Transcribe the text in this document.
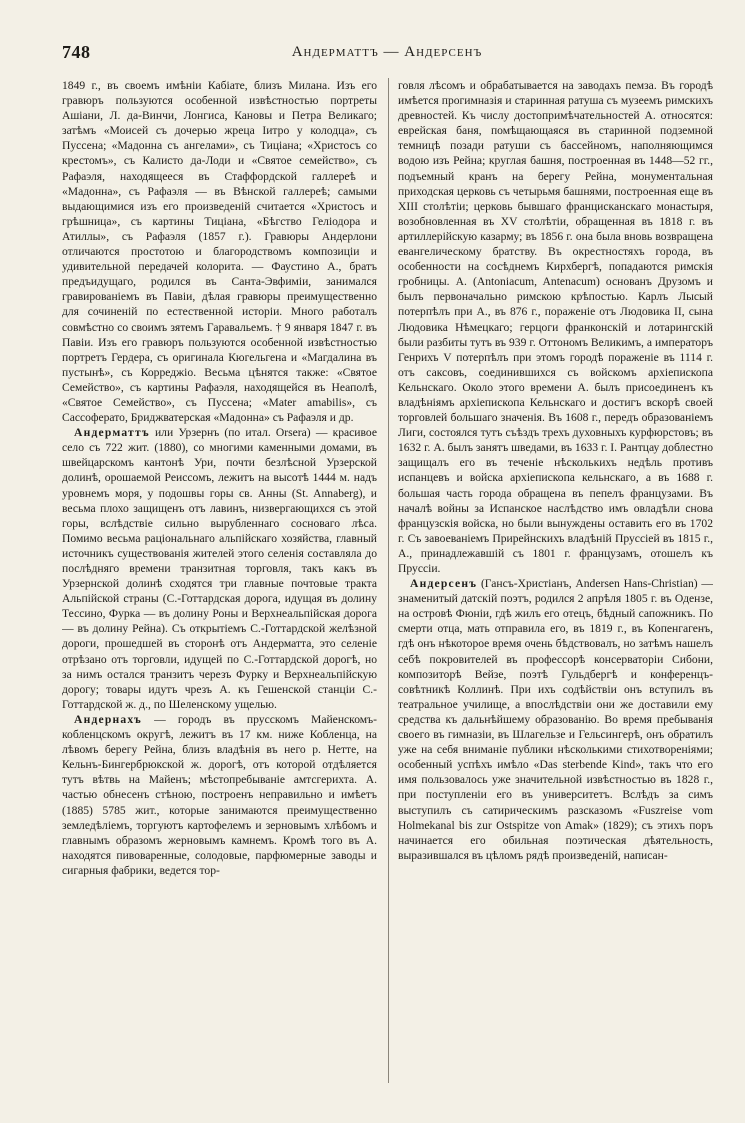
748	Андерматтъ — Андерсенъ

1849 г., въ своемъ имѣніи Кабіате, близъ Милана. Изъ его гравюръ пользуются особенной извѣстностью портреты Ашіани, Л. да-Винчи, Лонгиса, Кановы и Петра Великаго; затѣмъ «Моисей съ дочерью жреца Іитро у колодца», съ Пуссена; «Мадонна съ ангелами», съ Тиціана; «Христосъ со крестомъ», съ Калисто да-Лоди и «Святое семейство», съ Рафаэля, находящееся въ Стаффордской галлереѣ и «Мадонна», съ Рафаэля — въ Вѣнской галлереѣ; самыми выдающимися изъ его произведеній считается «Христосъ и грѣшница», съ картины Тиціана, «Бѣгство Геліодора и Атиллы», съ Рафаэля (1857 г.). Гравюры Андерлони отличаются простотою и благородствомъ композиціи и удивительной передачей колорита. — Фаустино А., братъ предъидущаго, родился въ Санта-Эвфиміи, занимался гравированіемъ въ Павіи, дѣлая гравюры преимущественно для сочиненій по естественной исторіи. Много работалъ совмѣстно со своимъ зятемъ Гаравальемъ. † 9 января 1847 г. въ Павіи. Изъ его гравюръ пользуются особенной извѣстностью портретъ Гердера, съ оригинала Кюгельгена и «Магдалина въ пустынѣ», съ Корреджіо. Весьма цѣнятся также: «Святое Семейство», съ картины Рафаэля, находящейся въ Неаполѣ, «Святое Семейство», съ Пуссена; «Mater amabilis», съ Сассоферато, Бриджватерская «Мадонна» съ Рафаэля и др.

Андерматтъ или Урзернъ (по итал. Orsera) — красивое село съ 722 жит. (1880), со многими каменными домами, въ швейцарскомъ кантонѣ Ури, почти безлѣсной Урзерской долинѣ, орошаемой Реиссомъ, лежитъ на высотѣ 1444 м. надъ уровнемъ моря, у подошвы горы св. Анны (St. Annaberg), и весьма плохо защищенъ отъ лавинъ, низвергающихся съ этой горы, вслѣдствіе сильно вырубленнаго сосноваго лѣса. Помимо весьма раціональнаго альпійскаго хозяйства, главный источникъ существованія жителей этого селенія составляла до послѣдняго времени транзитная торговля, такъ какъ въ Урзернской долинѣ сходятся три главные почтовые тракта Альпійской страны (С.-Готтардская дорога, идущая въ долину Тессино, Фурка — въ долину Роны и Верхнеальпійская дорога — въ долину Рейна). Съ открытіемъ С.-Готтардской желѣзной дороги, прошедшей въ сторонѣ отъ Андерматта, это селеніе отрѣзано отъ торговли, идущей по С.-Готтардской дорогѣ, но за нимъ остался транзитъ черезъ Фурку и Верхнеальпійскую дорогу; товары идутъ чрезъ А. къ Гешенской станціи С.-Готтардской ж. д., по Шеленскому ущелью.

Андернахъ — городъ въ прусскомъ Майенскомъ-кобленцскомъ округѣ, лежитъ въ 17 км. ниже Кобленца, на лѣвомъ берегу Рейна, близъ владѣнія въ него р. Нетте, на Кельнъ-Бингербрюкской ж. дорогѣ, отъ которой отдѣляется тутъ вѣтвь на Майенъ; мѣстопребываніе амтсгерихта. А. частью обнесенъ стѣною, построенъ неправильно и имѣетъ (1885) 5785 жит., которые занимаются преимущественно земледѣліемъ, торгуютъ картофелемъ и зерновымъ хлѣбомъ и главнымъ образомъ жерновымъ камнемъ. Кромѣ того въ А. находятся пивоваренные, солодовые, парфюмерные заводы и сигарныя фабрики, ведется тор-

говля лѣсомъ и обрабатывается на заводахъ пемза. Въ городѣ имѣется прогимназія и старинная ратуша съ музеемъ римскихъ древностей. Къ числу достопримѣчательностей А. относятся: еврейская баня, помѣщающаяся въ старинной подземной темницѣ позади ратуши съ бассейномъ, наполняющимся водою изъ Рейна; круглая башня, построенная въ 1448—52 гг., подъемный кранъ на берегу Рейна, монументальная приходская церковь съ четырьмя башнями, построенная еще въ XIII столѣтіи; церковь бывшаго францисканскаго монастыря, возобновленная въ XV столѣтіи, обращенная въ 1818 г. въ артиллерійскую казарму; въ 1856 г. она была вновь возвращена евангелическому братству. Въ окрестностяхъ города, въ особенности на сосѣднемъ Кирхбергѣ, попадаются римскія гробницы. А. (Antoniacum, Antenacum) основанъ Друзомъ и былъ первоначально римскою крѣпостью. Карлъ Лысый потерпѣлъ при А., въ 876 г., пораженіе отъ Людовика II, сына Людовика Нѣмецкаго; герцоги франконскій и лотарингскій были разбиты тутъ въ 939 г. Оттономъ Великимъ, а императоръ Генрихъ V потерпѣлъ при этомъ городѣ пораженіе въ 1114 г. отъ саксовъ, соединившихся съ войскомъ архіепископа Кельнскаго. Около этого времени А. былъ присоединенъ къ владѣніямъ архіепископа Кельнскаго и достигъ вскорѣ своей торговлей большаго значенія. Въ 1608 г., передъ образованіемъ Лиги, состоялся тутъ съѣздъ трехъ духовныхъ курфюрстовъ; въ 1632 г. А. былъ занятъ шведами, въ 1633 г. I. Рантцау доблестно защищалъ его въ теченіе нѣсколькихъ недѣль противъ испанцевъ и войска архіепископа кельнскаго, а въ 1688 г. большая часть города обращена въ пепелъ французами. Въ началѣ войны за Испанское наслѣдство имъ овладѣли снова французскія войска, но были вынуждены оставить его въ 1702 г. Съ завоеваніемъ Прирейнскихъ владѣній Пруссіей въ 1815 г., А., принадлежавшій съ 1801 г. французамъ, отошелъ къ Пруссіи.

Андерсенъ (Гансъ-Христіанъ, Andersen Hans-Christian) — знаменитый датскій поэтъ, родился 2 апрѣля 1805 г. въ Одензе, на островѣ Фюніи, гдѣ жилъ его отецъ, бѣдный сапожникъ. По смерти отца, мать отправила его, въ 1819 г., въ Копенгагенъ, гдѣ онъ нѣкоторое время очень бѣдствовалъ, но затѣмъ нашелъ себѣ покровителей въ профессорѣ консерваторіи Сибони, композиторѣ Вейзе, поэтѣ Гульдбергѣ и конференцъ-совѣтникѣ Коллинѣ. При ихъ содѣйствіи онъ вступилъ въ театральное училище, а впослѣдствіи они же доставили ему средства къ дальнѣйшему образованію. Во время пребыванія своего въ гимназіи, въ Шлагельзе и Гельсингерѣ, онъ обратилъ уже на себя вниманіе публики нѣсколькими стихотвореніями; особенный успѣхъ имѣло «Das sterbende Kind», такъ что его имя пользовалось уже значительной извѣстностью въ 1828 г., при поступленіи его въ университетъ. Вслѣдъ за симъ выступилъ съ сатирическимъ разсказомъ «Fuszreise vom Holmekanal bis zur Ostspitze von Amak» (1829); съ этихъ поръ начинается его обильная поэтическая дѣятельность, выразившался въ цѣломъ рядѣ произведеній, написан-
